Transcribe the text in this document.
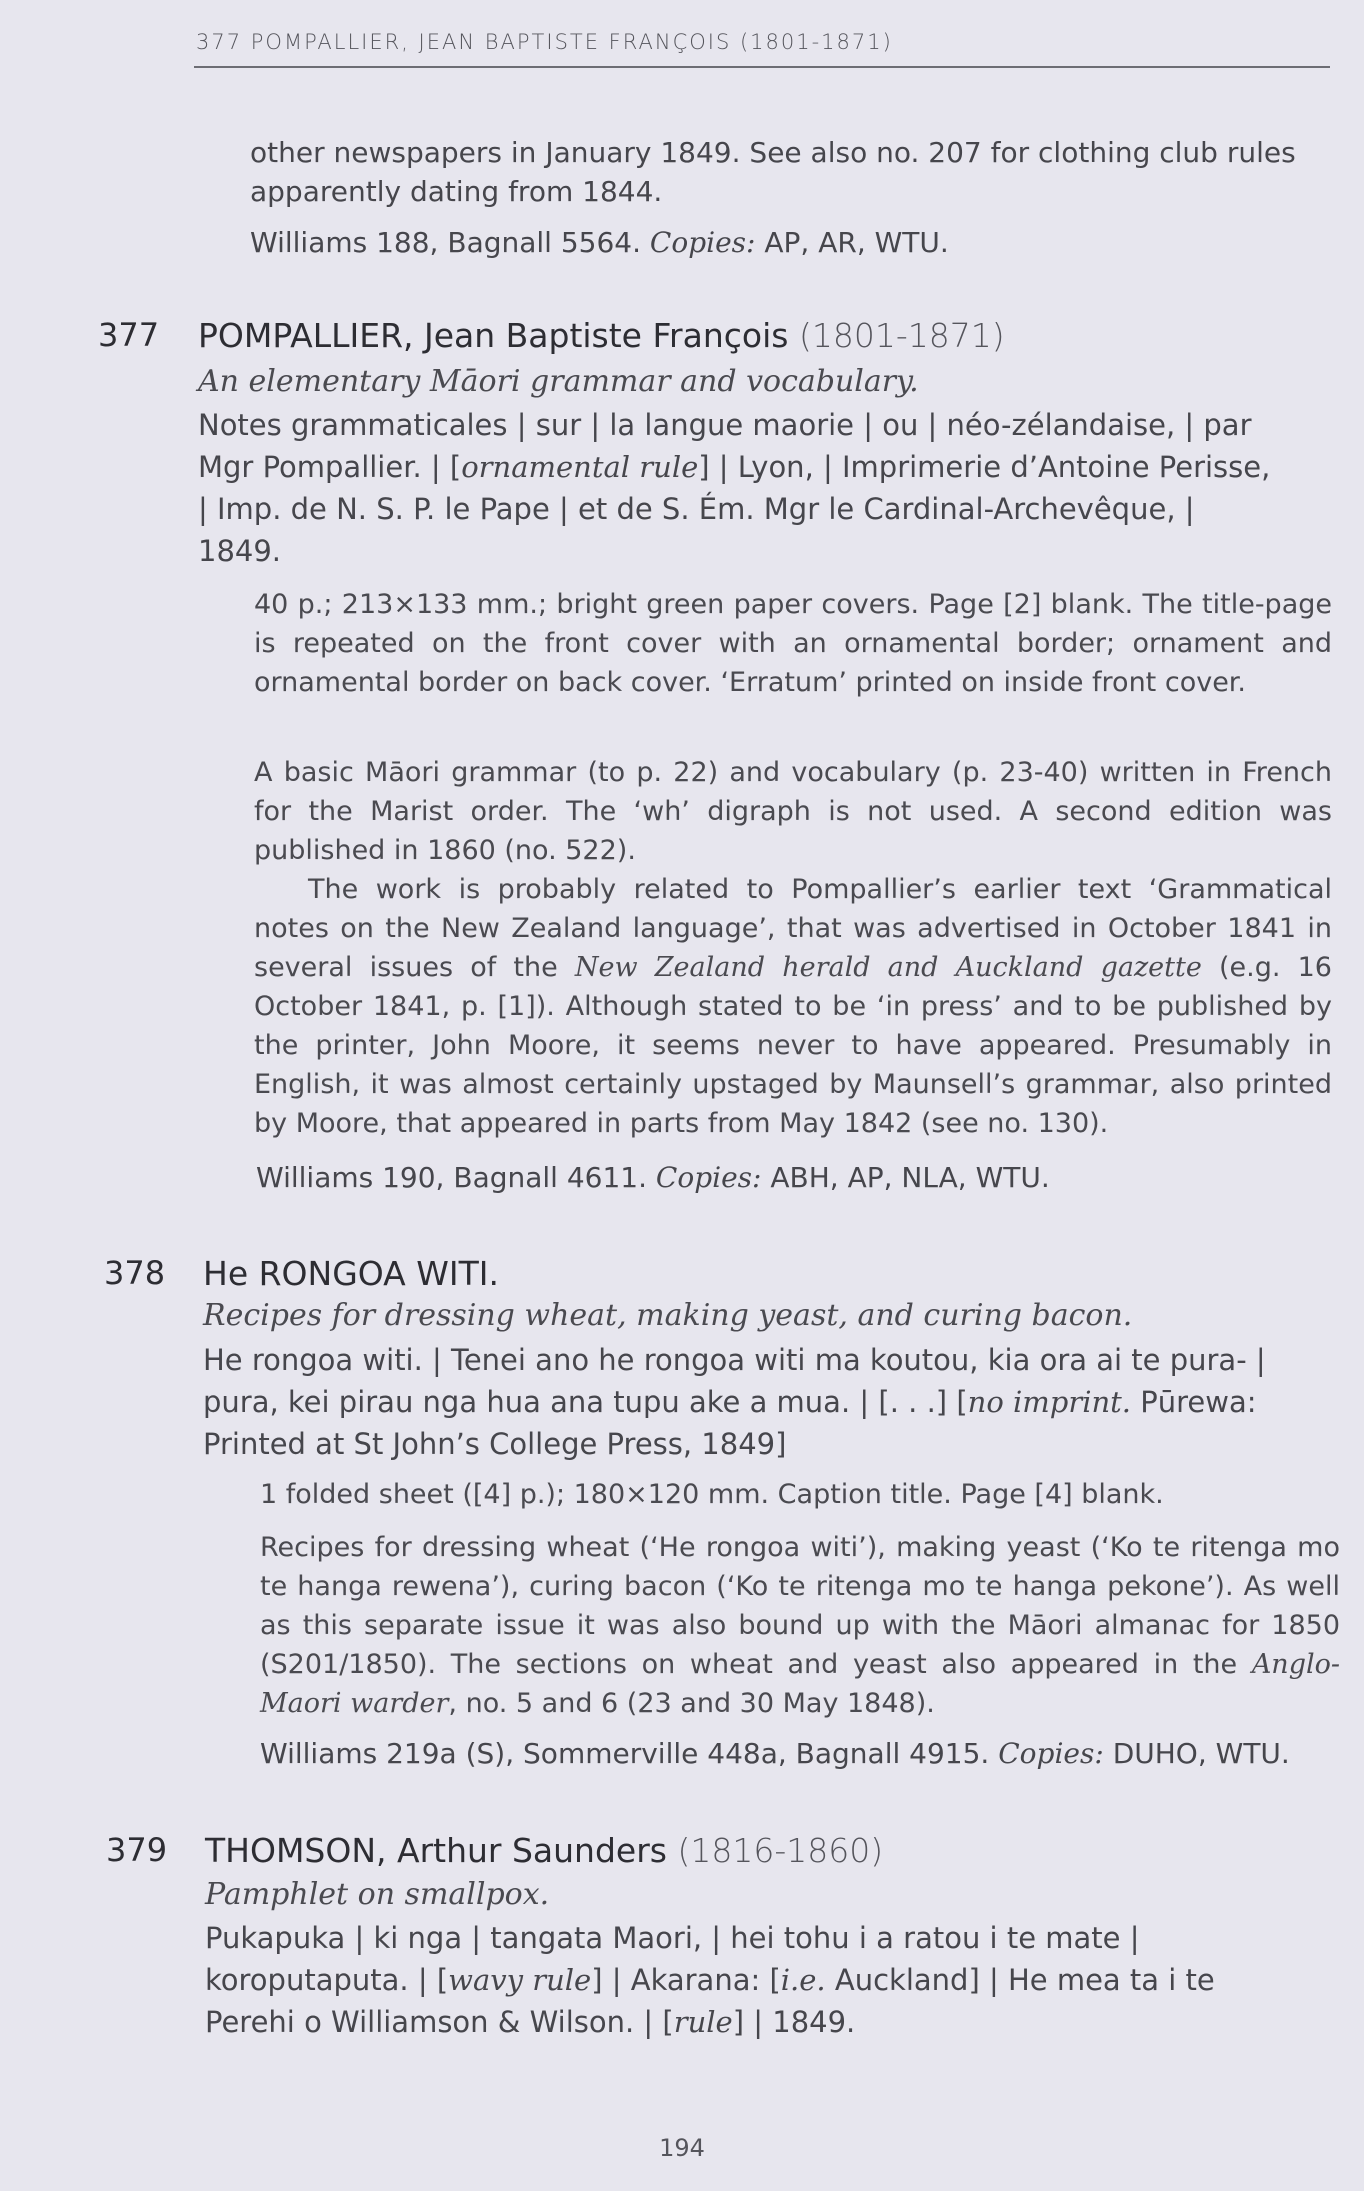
377 POMPALLIER, JEAN BAPTISTE FRANÇOIS (1801-1871)
other newspapers in January 1849. See also no. 207 for clothing club rules
apparently dating from 1844.
Williams 188, Bagnall 5564. Copies: AP, AR, WTU.
377 POMPALLIER, Jean Baptiste François (1801-1871)
An elementary Māori grammar and vocabulary.
Notes grammaticales | sur | la langue maorie | ou | néo-zélandaise, | par
Mgr Pompallier. | [ornamental rule] | Lyon, | Imprimerie d’Antoine Perisse,
| Imp. de N. S. P. le Pape | et de S. Ém. Mgr le Cardinal-Archevêque, |
1849.

40 p.; 213×133 mm.; bright green paper covers. Page [2] blank. The title-page is repeated on the front cover with an ornamental border; ornament and ornamental border on back cover. ‘Erratum’ printed on inside front cover.

A basic Māori grammar (to p. 22) and vocabulary (p. 23-40) written in French for the Marist order. The ‘wh’ digraph is not used. A second edition was published in 1860 (no. 522).

The work is probably related to Pompallier’s earlier text ‘Grammatical notes on the New Zealand language’, that was advertised in October 1841 in several issues of the New Zealand herald and Auckland gazette (e.g. 16 October 1841, p. [1]). Although stated to be ‘in press’ and to be published by the printer, John Moore, it seems never to have appeared. Presumably in English, it was almost certainly upstaged by Maunsell’s grammar, also printed by Moore, that appeared in parts from May 1842 (see no. 130).

Williams 190, Bagnall 4611. Copies: ABH, AP, NLA, WTU.
378 He RONGOA WITI.
Recipes for dressing wheat, making yeast, and curing bacon.
He rongoa witi. | Tenei ano he rongoa witi ma koutou, kia ora ai te pura- |
pura, kei pirau nga hua ana tupu ake a mua. | [. . .] [no imprint. Pūrewa:
Printed at St John’s College Press, 1849]

1 folded sheet ([4] p.); 180×120 mm. Caption title. Page [4] blank.

Recipes for dressing wheat (‘He rongoa witi’), making yeast (‘Ko te ritenga mo te hanga rewena’), curing bacon (‘Ko te ritenga mo te hanga pekone’). As well as this separate issue it was also bound up with the Māori almanac for 1850 (S201/1850). The sections on wheat and yeast also appeared in the Anglo-Maori warder, no. 5 and 6 (23 and 30 May 1848).

Williams 219a (S), Sommerville 448a, Bagnall 4915. Copies: DUHO, WTU.
379 THOMSON, Arthur Saunders (1816-1860)
Pamphlet on smallpox.
Pukapuka | ki nga | tangata Maori, | hei tohu i a ratou i te mate |
koroputaputa. | [wavy rule] | Akarana: [i.e. Auckland] | He mea ta i te
Perehi o Williamson & Wilson. | [rule] | 1849.
194
